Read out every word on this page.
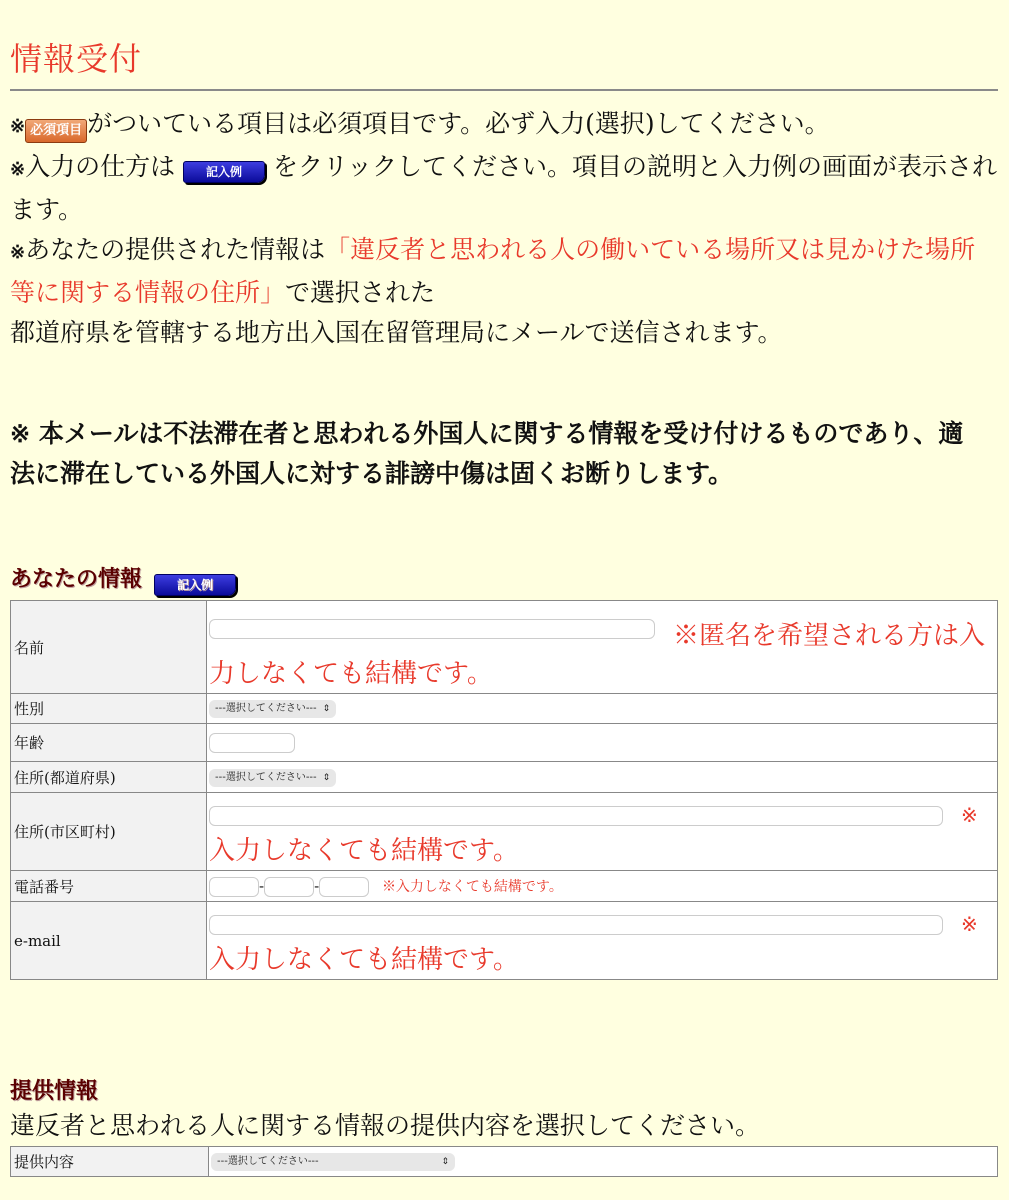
情報受付

※ 必須項目 がついている項目は必須項目です。必ず入力(選択)してください。

※入力の仕方は	記入例 をクリックしてください。項目の説明と入力例の画面が表示されます。

※あなたの提供された情報は「違反者と思われる人の働いている場所又は見かけた場所等に関する情報の住所」で選択された
都道府県を管轄する地方出入国在留管理局にメールで送信されます。

※ 本メールは不法滞在者と思われる外国人に関する情報を受け付けるものであり、適法に滞在している外国人に対する誹謗中傷は固くお断りします。
あなたの情報	記入例
名前	※匿名を希望される方は入力しなくても結構です。

性別	---選択してください--- ⇕
年齢	
住所(都道府県)	---選択してください--- ⇕
住所(市区町村)	※
入力しなくても結構です。

電話番号	- - ※入力しなくても結構です。
e-mail	※
入力しなくても結構です。
提供情報
違反者と思われる人に関する情報の提供内容を選択してください。
提供内容	---選択してください---	⇕
